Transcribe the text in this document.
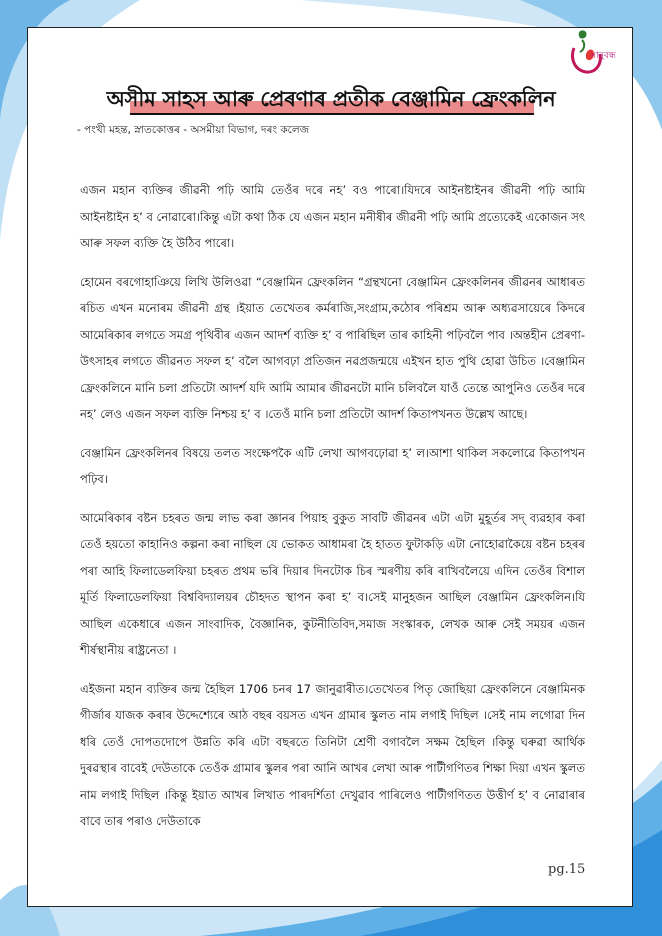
সানুবন্ধ
অসীম সাহস আৰু প্ৰেৰণাৰ প্ৰতীক বেঞ্জামিন ফ্ৰেংকলিন
- পংখী মহন্ত, স্নাতকোত্তৰ - অসমীয়া বিভাগ, দৰং কলেজ

এজন মহান ব্যক্তিৰ জীৱনী পঢ়ি আমি তেওঁৰ দৰে নহ’ বও পাৰো।যিদৰে আইনষ্টাইনৰ জীৱনী পঢ়ি আমি আইনষ্টাইন হ’ ব নোৱাৰো।কিন্তু এটা কথা ঠিক যে এজন মহান মনীষীৰ জীৱনী পঢ়ি আমি প্ৰত্যেকেই একোজন সৎ আৰু সফল ব্যক্তি হৈ উঠিব পাৰো।

হোমেন বৰগোহাঞিয়ে লিখি উলিওৱা “বেঞ্জামিন ফ্ৰেংকলিন “গ্ৰন্থখনো বেঞ্জামিন ফ্ৰেংকলিনৰ জীৱনৰ আধাৰত ৰচিত এখন মনোৰম জীৱনী গ্ৰন্থ ।ইয়াত তেখেতৰ কৰ্মৰাজি,সংগ্ৰাম,কঠোৰ পৰিশ্ৰম আৰু অধ্যৱসায়েৰে কিদৰে আমেৰিকাৰ লগতে সমগ্ৰ পৃথিবীৰ এজন আদৰ্শ ব্যক্তি হ’ ব পাৰিছিল তাৰ কাহিনী পঢ়িবলৈ পাব ।অন্তহীন প্ৰেৰণা-উৎসাহৰ লগতে জীৱনত সফল হ’ বলৈ আগবঢ়া প্ৰতিজন নৱপ্ৰজন্ময়ে এইখন হাত পুথি হোৱা উচিত ।বেঞ্জামিন ফ্ৰেংকলিনে মানি চলা প্ৰতিটো আদৰ্শ যদি আমি আমাৰ জীৱনটো মানি চলিবলৈ যাওঁ তেন্তে আপুনিও তেওঁৰ দৰে নহ’ লেও এজন সফল ব্যক্তি নিশ্চয় হ’ ব ।তেওঁ মানি চলা প্ৰতিটো আদৰ্শ কিতাপখনত উল্লেখ আছে।

বেঞ্জামিন ফ্ৰেংকলিনৰ বিষয়ে তলত সংক্ষেপকৈ এটি লেখা আগবঢ়োৱা হ’ ল।আশা থাকিল সকলোৱে কিতাপখন পঢ়িব।

আমেৰিকাৰ বষ্টন চহৰত জন্ম লাভ কৰা জ্ঞানৰ পিয়াহ বুকুত সাবটি জীৱনৰ এটা এটা মুহূৰ্তৰ সদ্ ব্যৱহাৰ কৰা তেওঁ হয়তো কাহানিও কল্পনা কৰা নাছিল যে ভোকত আধামৰা হৈ হাতত ফুটাকড়ি এটা নোহোৱাকৈয়ে বষ্টন চহৰৰ পৰা আহি ফিলাডেলফিয়া চহৰত প্ৰথম ভৰি দিয়াৰ দিনটোক চিৰ স্মৰণীয় কৰি ৰাখিবলৈয়ে এদিন তেওঁৰ বিশাল মূৰ্তি ফিলাডেলফিয়া বিশ্ববিদ্যালয়ৰ চৌহদত স্থাপন কৰা হ’ ব।সেই মানুহজন আছিল বেঞ্জামিন ফ্ৰেংকলিন।যি আছিল একেধাৰে এজন সাংবাদিক, বৈজ্ঞানিক, কুটনীতিবিদ,সমাজ সংস্কাৰক, লেখক আৰু সেই সময়ৰ এজন শীৰ্ষস্থানীয় ৰাষ্ট্ৰনেতা ।

এইজনা মহান ব্যক্তিৰ জন্ম হৈছিল 1706 চনৰ 17 জানুৱাৰীত।তেখেতৰ পিতৃ জোছিয়া ফ্ৰেংকলিনে বেঞ্জামিনক গীৰ্জাৰ যাজক কৰাৰ উদ্দেশ্যেৰে আঠ বছৰ বয়সত এখন গ্ৰামাৰ স্কুলত নাম লগাই দিছিল ।সেই নাম লগোৱা দিন ধৰি তেওঁ দোপতদোপে উন্নতি কৰি এটা বছৰতে তিনিটা শ্ৰেণী বগাবলৈ সক্ষম হৈছিল ।কিন্তু ঘৰুৱা আৰ্থিক দুৰৱস্থাৰ বাবেই দেউতাকে তেওঁক গ্ৰামাৰ স্কুলৰ পৰা আনি আখৰ লেখা আৰু পাটীগণিতৰ শিক্ষা দিয়া এখন স্কুলত নাম লগাই দিছিল ।কিন্তু ইয়াত আখৰ লিখাত পাৰদৰ্শিতা দেখুৱাব পাৰিলেও পাটীগণিতত উত্তীৰ্ণ হ’ ব নোৱাৰাৰ বাবে তাৰ পৰাও দেউতাকে

pg.15
